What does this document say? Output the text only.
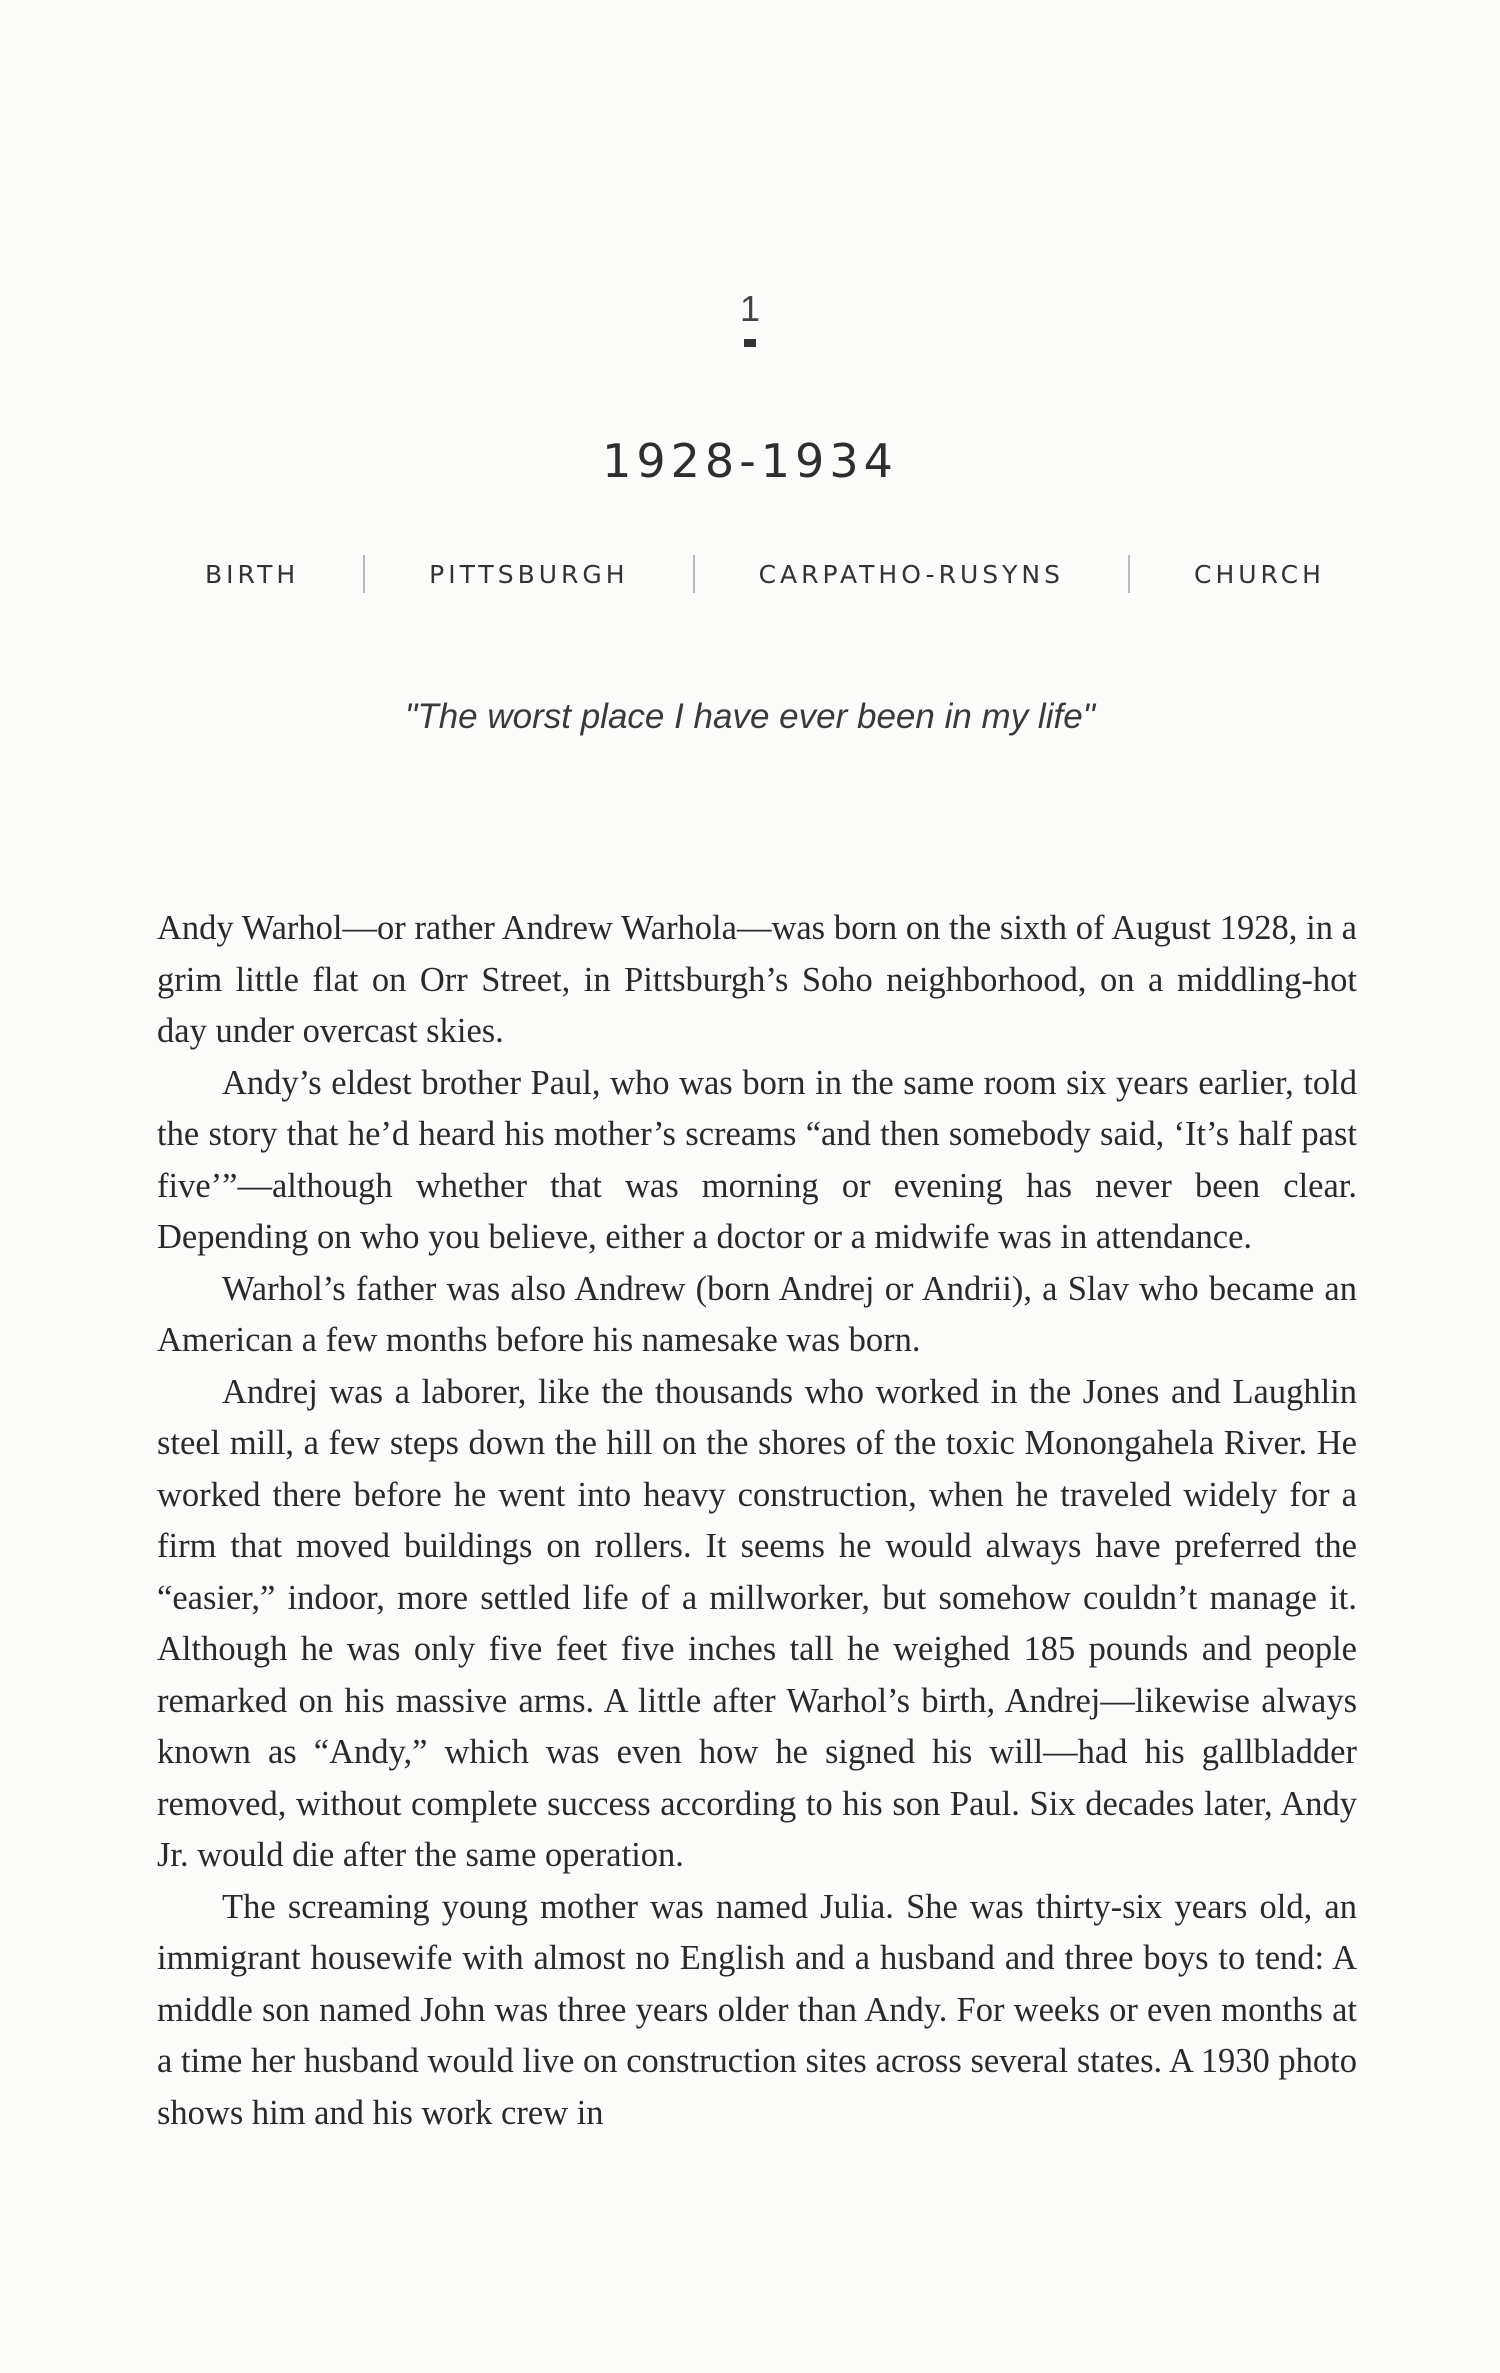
1
1928-1934
BIRTH	PITTSBURGH	CARPATHO-RUSYNS	CHURCH
"The worst place I have ever been in my life"

Andy Warhol—or rather Andrew Warhola—was born on the sixth of August 1928, in a grim little flat on Orr Street, in Pittsburgh’s Soho neighborhood, on a middling-hot day under overcast skies.

Andy’s eldest brother Paul, who was born in the same room six years earlier, told the story that he’d heard his mother’s screams “and then somebody said, ‘It’s half past five’”—although whether that was morning or evening has never been clear. Depending on who you believe, either a doctor or a midwife was in attendance.

Warhol’s father was also Andrew (born Andrej or Andrii), a Slav who became an American a few months before his namesake was born.

Andrej was a laborer, like the thousands who worked in the Jones and Laughlin steel mill, a few steps down the hill on the shores of the toxic Monongahela River. He worked there before he went into heavy construction, when he traveled widely for a firm that moved buildings on rollers. It seems he would always have preferred the “easier,” indoor, more settled life of a millworker, but somehow couldn’t manage it. Although he was only five feet five inches tall he weighed 185 pounds and people remarked on his massive arms. A little after Warhol’s birth, Andrej—likewise always known as “Andy,” which was even how he signed his will—had his gallbladder removed, without complete success according to his son Paul. Six decades later, Andy Jr. would die after the same operation.

The screaming young mother was named Julia. She was thirty-six years old, an immigrant housewife with almost no English and a husband and three boys to tend: A middle son named John was three years older than Andy. For weeks or even months at a time her husband would live on construction sites across several states. A 1930 photo shows him and his work crew in
